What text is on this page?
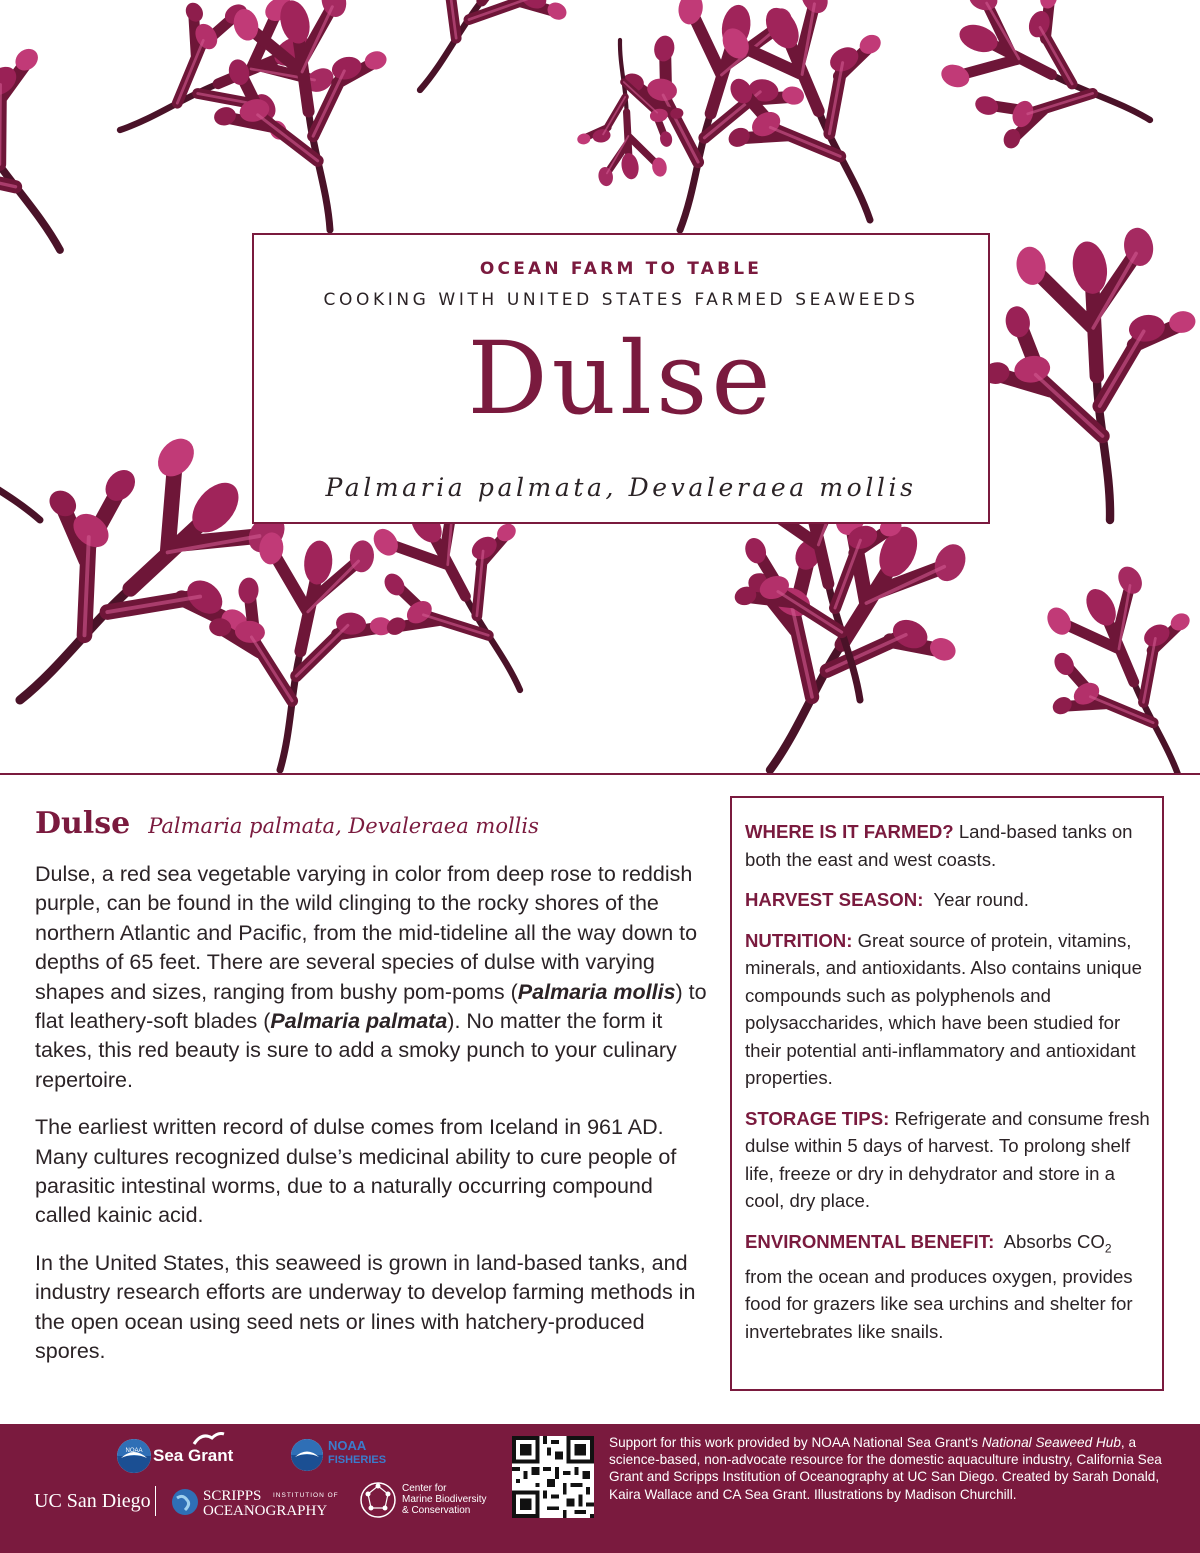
OCEAN FARM TO TABLE
COOKING WITH UNITED STATES FARMED SEAWEEDS
Dulse
Palmaria palmata, Devaleraea mollis
Dulse Palmaria palmata, Devaleraea mollis

Dulse, a red sea vegetable varying in color from deep rose to reddish purple, can be found in the wild clinging to the rocky shores of the northern Atlantic and Pacific, from the mid-tideline all the way down to depths of 65 feet. There are several species of dulse with varying shapes and sizes, ranging from bushy pom-poms (Palmaria mollis) to flat leathery-soft blades (Palmaria palmata). No matter the form it takes, this red beauty is sure to add a smoky punch to your culinary repertoire.

The earliest written record of dulse comes from Iceland in 961 AD. Many cultures recognized dulse’s medicinal ability to cure people of parasitic intestinal worms, due to a naturally occurring compound called kainic acid.

In the United States, this seaweed is grown in land-based tanks, and industry research efforts are underway to develop farming methods in the open ocean using seed nets or lines with hatchery-produced spores.

WHERE IS IT FARMED? Land-based tanks on both the east and west coasts.
HARVEST SEASON: Year round.
NUTRITION: Great source of protein, vitamins, minerals, and antioxidants. Also contains unique compounds such as polyphenols and polysaccharides, which have been studied for their potential anti-inflammatory and antioxidant properties.
STORAGE TIPS: Refrigerate and consume fresh dulse within 5 days of harvest. To prolong shelf life, freeze or dry in dehydrator and store in a cool, dry place.
ENVIRONMENTAL BENEFIT: Absorbs $CO_2$ from the ocean and produces oxygen, provides food for grazers like sea urchins and shelter for invertebrates like snails.
NOAA Sea Grant
NOAA
FISHERIES
UC San Diego	SCRIPPS INSTITUTION OF
OCEANOGRAPHY
Center for
Marine Biodiversity
& Conservation
Support for this work provided by NOAA National Sea Grant's National Seaweed Hub, a science-based, non-advocate resource for the domestic aquaculture industry, California Sea Grant and Scripps Institution of Oceanography at UC San Diego. Created by Sarah Donald, Kaira Wallace and CA Sea Grant. Illustrations by Madison Churchill.
